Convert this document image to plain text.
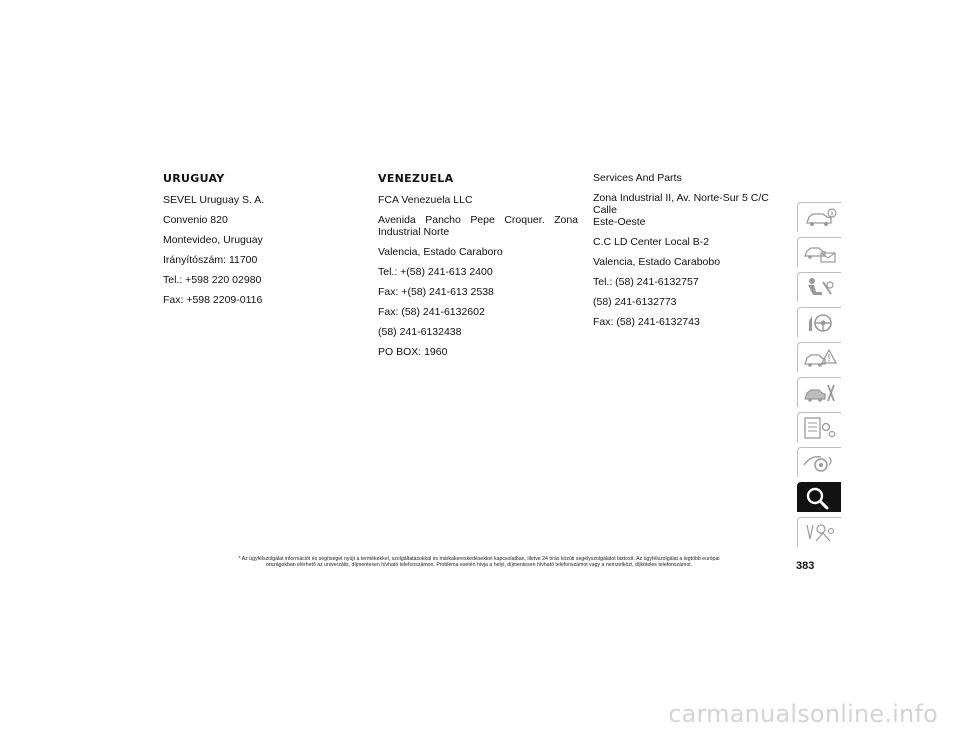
URUGUAY
SEVEL Uruguay S. A.
Convenio 820
Montevideo, Uruguay
Irányítószám: 11700
Tel.: +598 220 02980
Fax: +598 2209-0116
VENEZUELA
FCA Venezuela LLC
Avenida Pancho Pepe Croquer. Zona
Industrial Norte
Valencia, Estado Caraboro
Tel.: +(58) 241-613 2400
Fax: +(58) 241-613 2538
Fax: (58) 241-6132602
(58) 241-6132438
PO BOX: 1960
Services And Parts
Zona Industrial II, Av. Norte-Sur 5 C/C Calle
Este-Oeste
C.C LD Center Local B-2
Valencia, Estado Carabobo
Tel.: (58) 241-6132757
(58) 241-6132773
Fax: (58) 241-6132743
* Az ügyfélszolgálat információt és segítséget nyújt a termékekkel, szolgáltatásokkal és márkakereskedésekkel kapcsolatban, illetve 24 órás közúti segélyszolgálatot biztosít. Az ügyfélszolgálat a legtöbb európai
országokban elérhető az univerzális, díjmentesen hívható telefonszámon. Probléma esetén hívja a helyi, díjmentesen hívható telefonszámot vagy a nemzetközi, díjköteles telefonszámot.	383
carmanualsonline.info
